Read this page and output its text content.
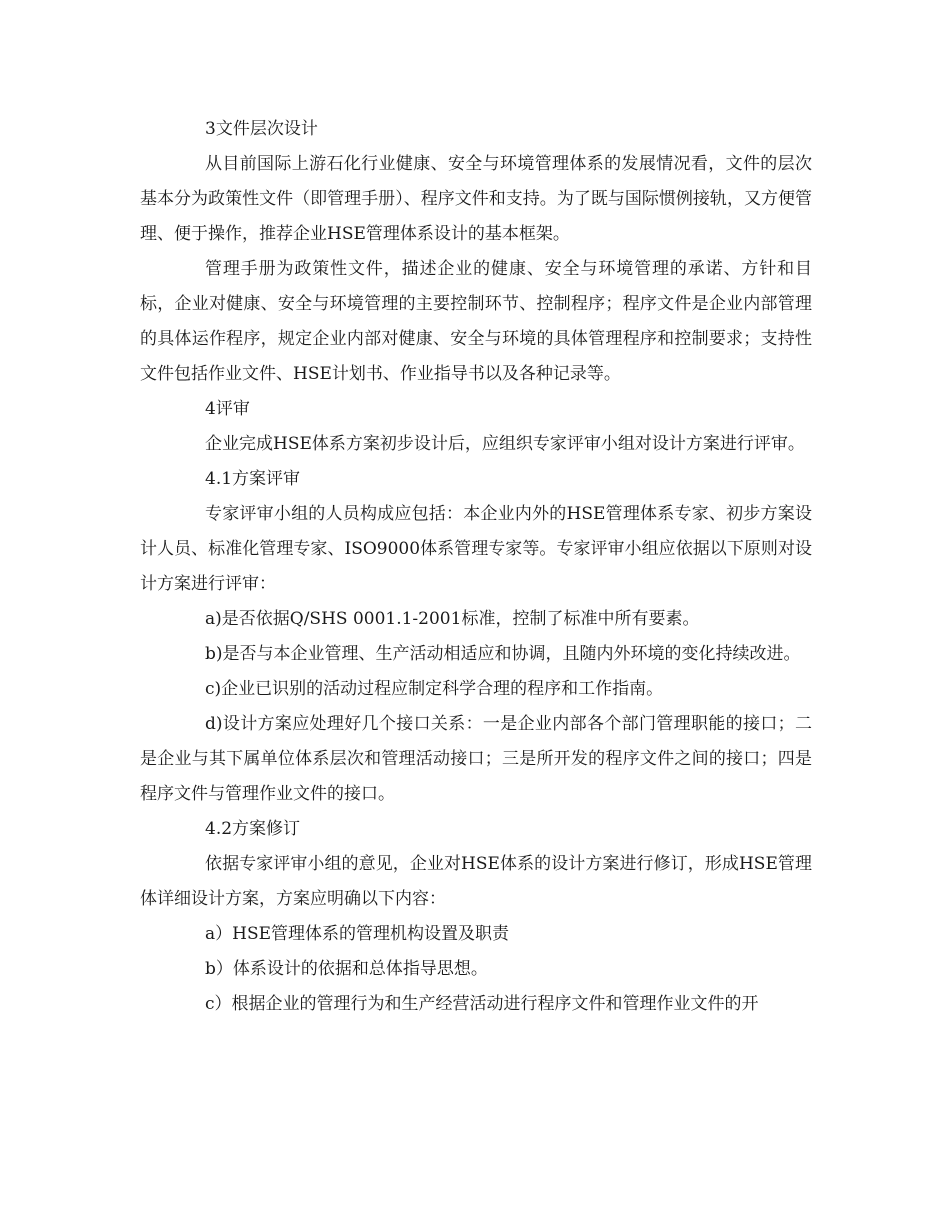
3文件层次设计

从目前国际上游石化行业健康、安全与环境管理体系的发展情况看，文件的层次基本分为政策性文件（即管理手册）、程序文件和支持。为了既与国际惯例接轨，又方便管理、便于操作，推荐企业HSE管理体系设计的基本框架。

管理手册为政策性文件，描述企业的健康、安全与环境管理的承诺、方针和目标，企业对健康、安全与环境管理的主要控制环节、控制程序；程序文件是企业内部管理的具体运作程序，规定企业内部对健康、安全与环境的具体管理程序和控制要求；支持性文件包括作业文件、HSE计划书、作业指导书以及各种记录等。

4评审

企业完成HSE体系方案初步设计后，应组织专家评审小组对设计方案进行评审。

4.1方案评审

专家评审小组的人员构成应包括：本企业内外的HSE管理体系专家、初步方案设计人员、标准化管理专家、ISO9000体系管理专家等。专家评审小组应依据以下原则对设计方案进行评审：

a)是否依据Q/SHS 0001.1-2001标准，控制了标准中所有要素。

b)是否与本企业管理、生产活动相适应和协调，且随内外环境的变化持续改进。

c)企业已识别的活动过程应制定科学合理的程序和工作指南。

d)设计方案应处理好几个接口关系：一是企业内部各个部门管理职能的接口；二是企业与其下属单位体系层次和管理活动接口；三是所开发的程序文件之间的接口；四是程序文件与管理作业文件的接口。

4.2方案修订

依据专家评审小组的意见，企业对HSE体系的设计方案进行修订，形成HSE管理体详细设计方案，方案应明确以下内容：

a）HSE管理体系的管理机构设置及职责

b）体系设计的依据和总体指导思想。

c）根据企业的管理行为和生产经营活动进行程序文件和管理作业文件的开
